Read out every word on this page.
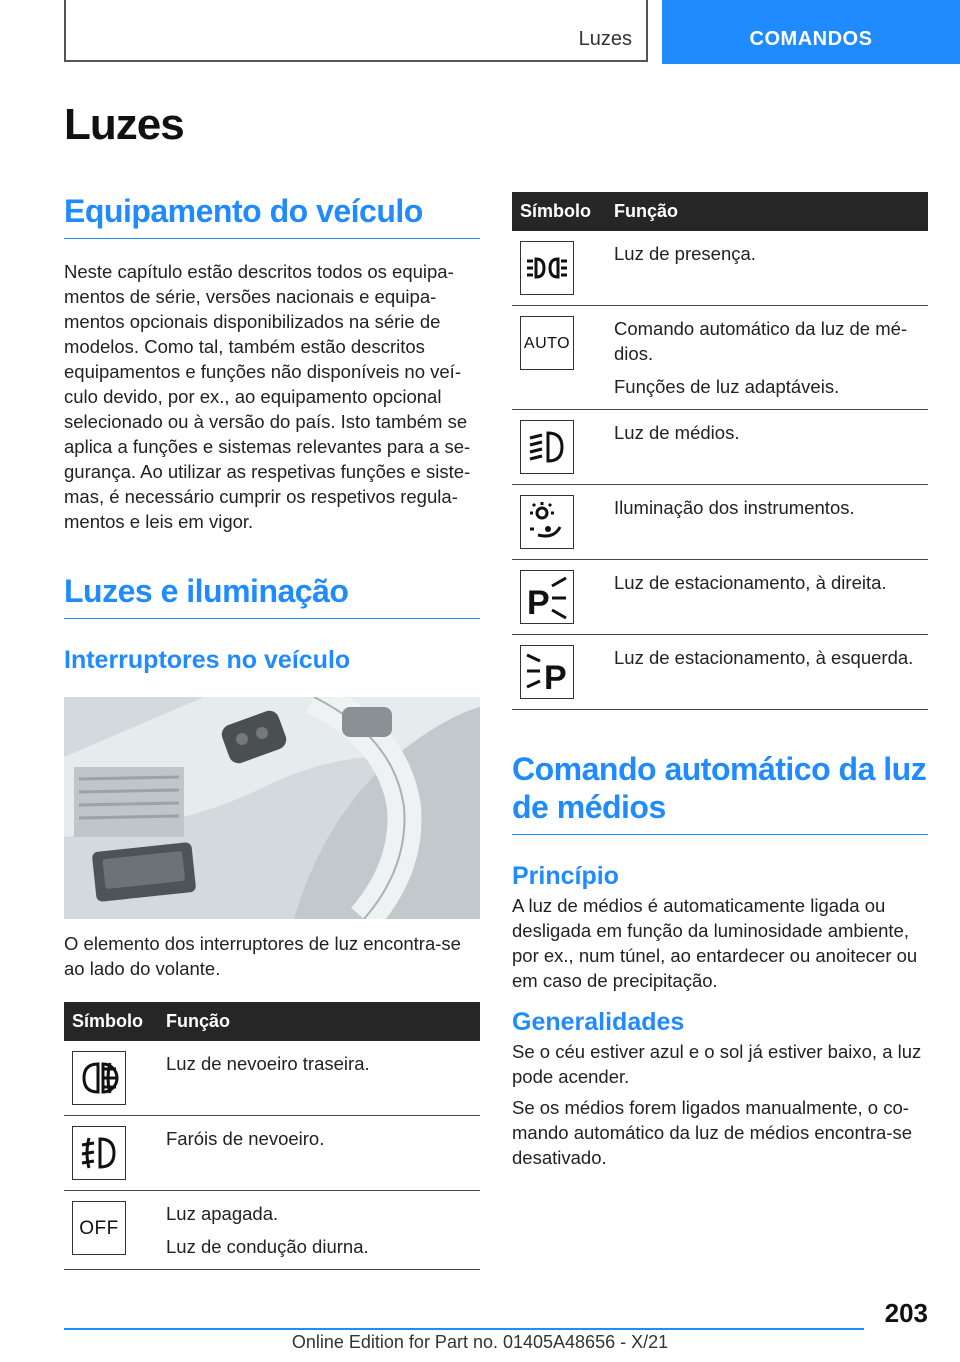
Luzes	COMANDOS
Luzes
Equipamento do veículo

Neste capítulo estão descritos todos os equipa-mentos de série, versões nacionais e equipa-mentos opcionais disponibilizados na série de modelos. Como tal, também estão descritos equipamentos e funções não disponíveis no veí-culo devido, por ex., ao equipamento opcional selecionado ou à versão do país. Isto também se aplica a funções e sistemas relevantes para a se-gurança. Ao utilizar as respetivas funções e siste-mas, é necessário cumprir os respetivos regula-mentos e leis em vigor.

Luzes e iluminação
Interruptores no veículo

O elemento dos interruptores de luz encontra-se ao lado do volante.

Símbolo	Função

Luz de nevoeiro traseira.

Faróis de nevoeiro.

OFF	Luz apagada.
Luz de condução diurna.
Símbolo	Função

Luz de presença.

AUTO	Comando automático da luz de mé-dios.
Funções de luz adaptáveis.

Luz de médios.

Iluminação dos instrumentos.

P	Luz de estacionamento, à direita.

P	Luz de estacionamento, à esquerda.
Comando automático da luz de médios
Princípio

A luz de médios é automaticamente ligada ou desligada em função da luminosidade ambiente, por ex., num túnel, ao entardecer ou anoitecer ou em caso de precipitação.

Generalidades

Se o céu estiver azul e o sol já estiver baixo, a luz pode acender.

Se os médios forem ligados manualmente, o co-mando automático da luz de médios encontra-se desativado.

203
Online Edition for Part no. 01405A48656 - X/21
